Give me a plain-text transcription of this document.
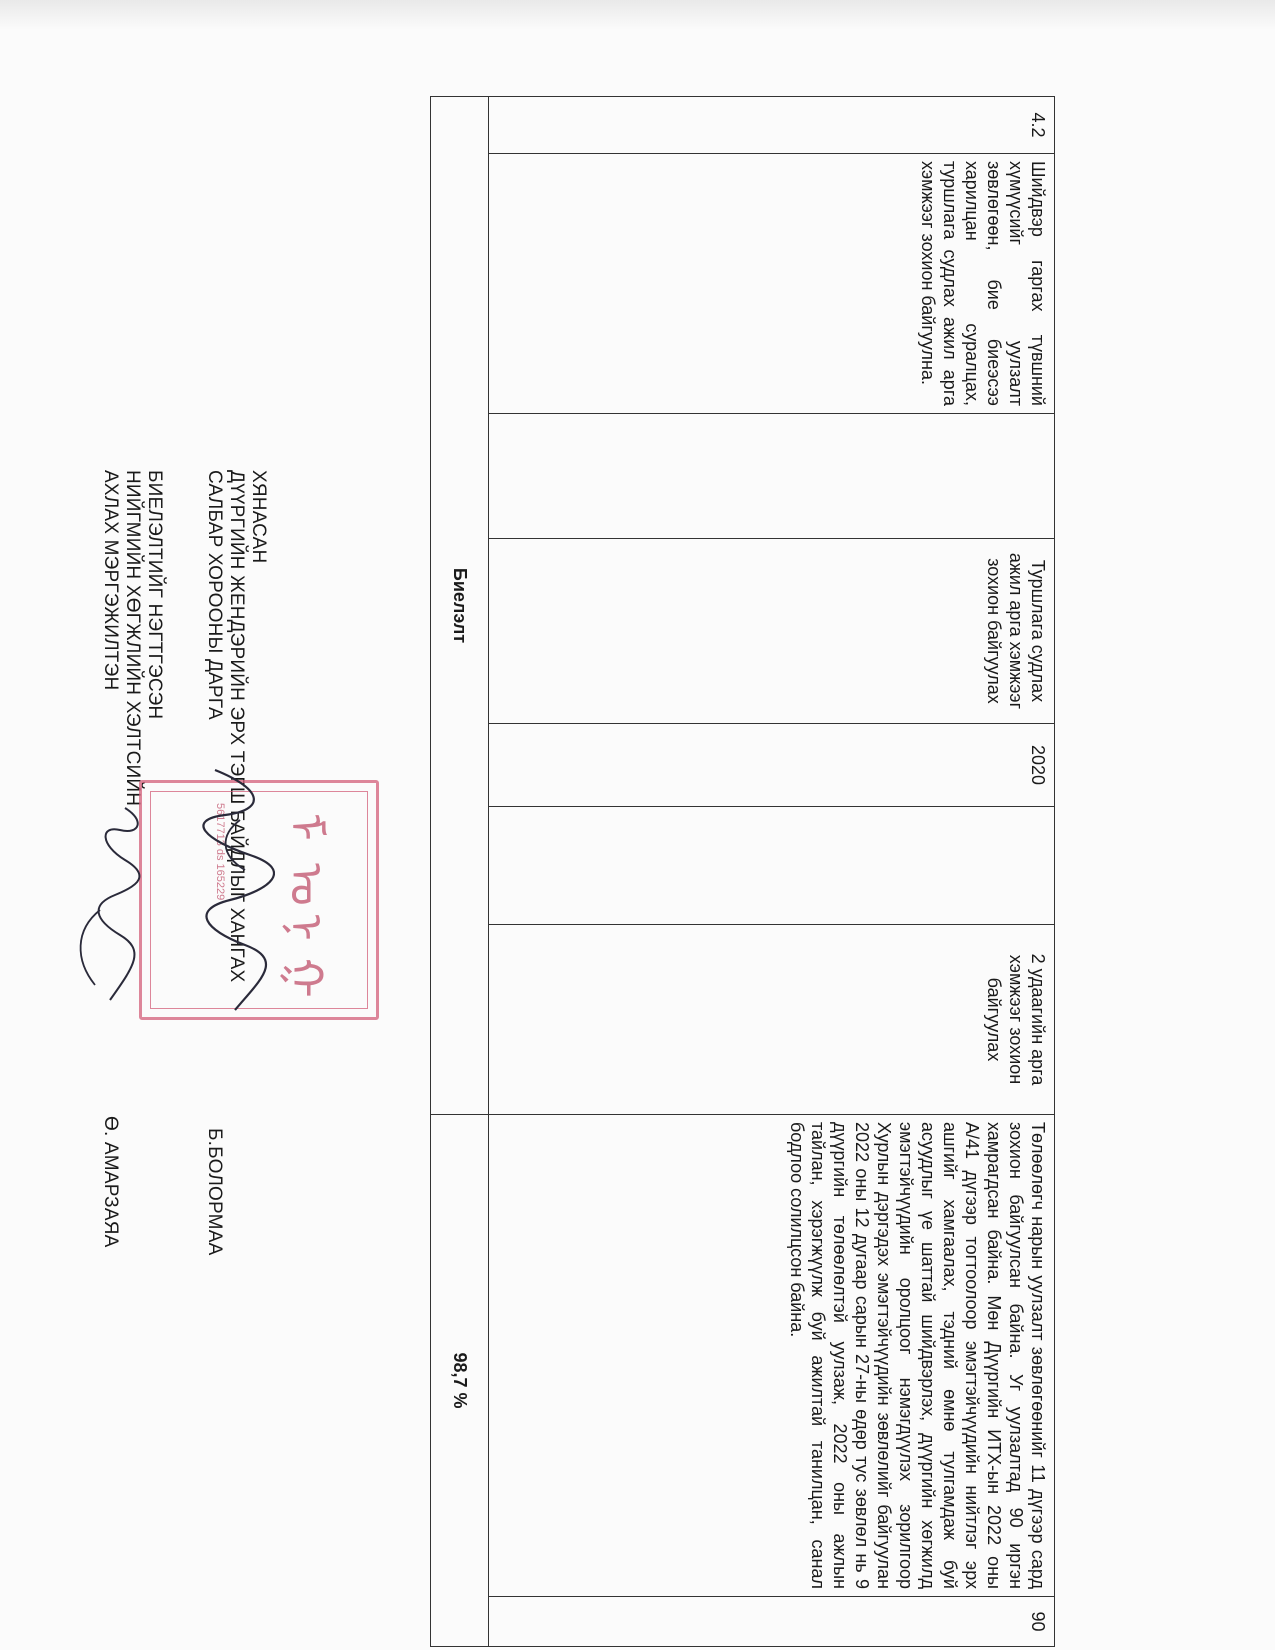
4.2	Шийдвэр гаргах түвшний хүмүүсийг уулзалт зөвлөгөөн, бие биеэсээ харилцан суралцах, туршлага судлах ажил арга хэмжээг зохион байгуулна.		Туршлага судлах ажил арга хэмжээг зохион байгуулах	2020		2 удаагийн арга хэмжээг зохион байгуулах	Төлөөлөгч нарын уулзалт зөвлөгөөнийг 11 дүгээр сард зохион байгуулсан байна. Уг уулзалтад 90 иргэн хамрагдсан байна. Мөн Дүүргийн ИТХ-ын 2022 оны А/41 дүгээр тогтоолоор эмэгтэйчүүдийн нийтлэг эрх ашгийг хамгаалах, тэдний өмнө тулгамдаж буй асуудлыг үе шаттай шийдвэрлэх, дүүргийн хөгжилд эмэгтэйчүүдийн оролцоог нэмэгдүүлэх зорилгоор Хурлын дэргэдэх эмэгтэйчүүдийн зөвлөлийг байгуулан 2022 оны 12 дугаар сарын 27-ны өдөр тус зөвлөл нь 9 дүүргийн төлөөлөлтэй уулзаж, 2022 оны ажлын тайлан, хэрэгжүүлж буй ажилтай танилцан, санал бодлоо солилцсон байна.	90
Биелэлт							98,7 %	
ХЯНАСАН
ДҮҮРГИЙН ЖЕНДЭРИЙН ЭРХ ТЭГШ БАЙДЛЫГ ХАНГАХ
САЛБАР ХОРООНЫ ДАРГА
Б.БОЛОРМАА
БИЕЛЭЛТИЙГ НЭГТГЭСЭН
НИЙГМИЙН ХӨГЖЛИЙН ХЭЛТСИЙН
АХЛАХ МЭРГЭЖИЛТЭН
Ө. АМАРЗАЯА
ᠮ
ᠣ
ᠨ
ᠭ
5617713 ds 165229
